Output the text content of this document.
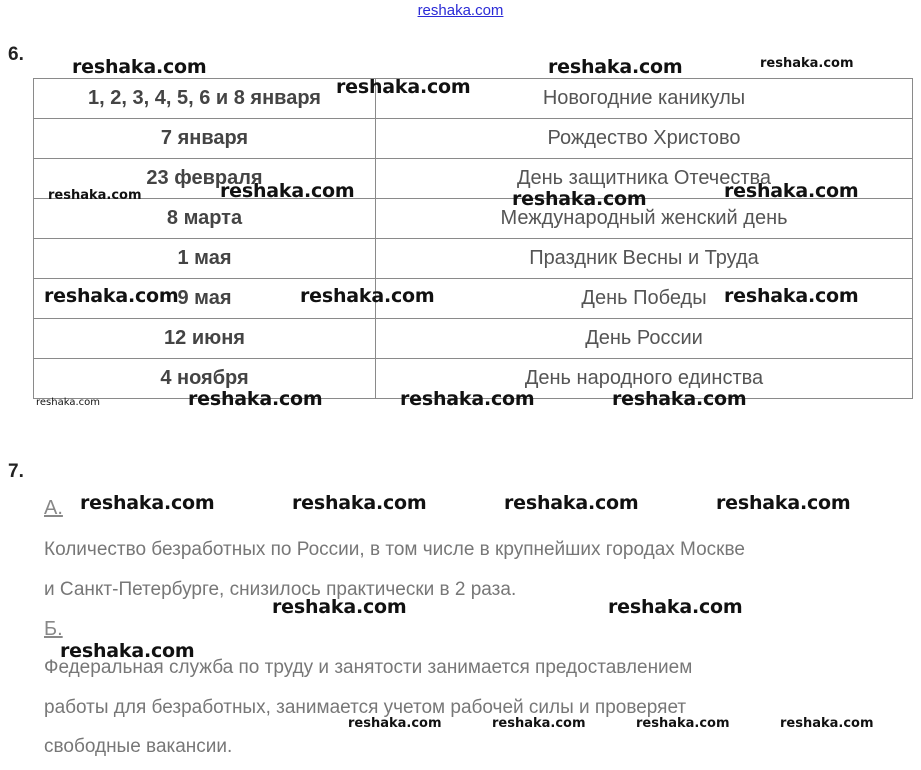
reshaka.com
6.
1, 2, 3, 4, 5, 6 и 8 января	Новогодние каникулы
7 января	Рождество Христово
23 февраля	День защитника Отечества
8 марта	Международный женский день
1 мая	Праздник Весны и Труда
9 мая	День Победы
12 июня	День России
4 ноября	День народного единства
7.
А.
Количество безработных по России, в том числе в крупнейших городах Москве
и Санкт-Петербурге, снизилось практически в 2 раза.
Б.
Федеральная служба по труду и занятости занимается предоставлением
работы для безработных, занимается учетом рабочей силы и проверяет
свободные вакансии.
reshaka.com	reshaka.com	reshaka.com
reshaka.com
reshaka.com	reshaka.com	reshaka.com	reshaka.com
reshaka.com	reshaka.com	reshaka.com
reshaka.com	reshaka.com	reshaka.com	reshaka.com
reshaka.com	reshaka.com	reshaka.com	reshaka.com
reshaka.com	reshaka.com
reshaka.com
reshaka.com	reshaka.com	reshaka.com	reshaka.com
